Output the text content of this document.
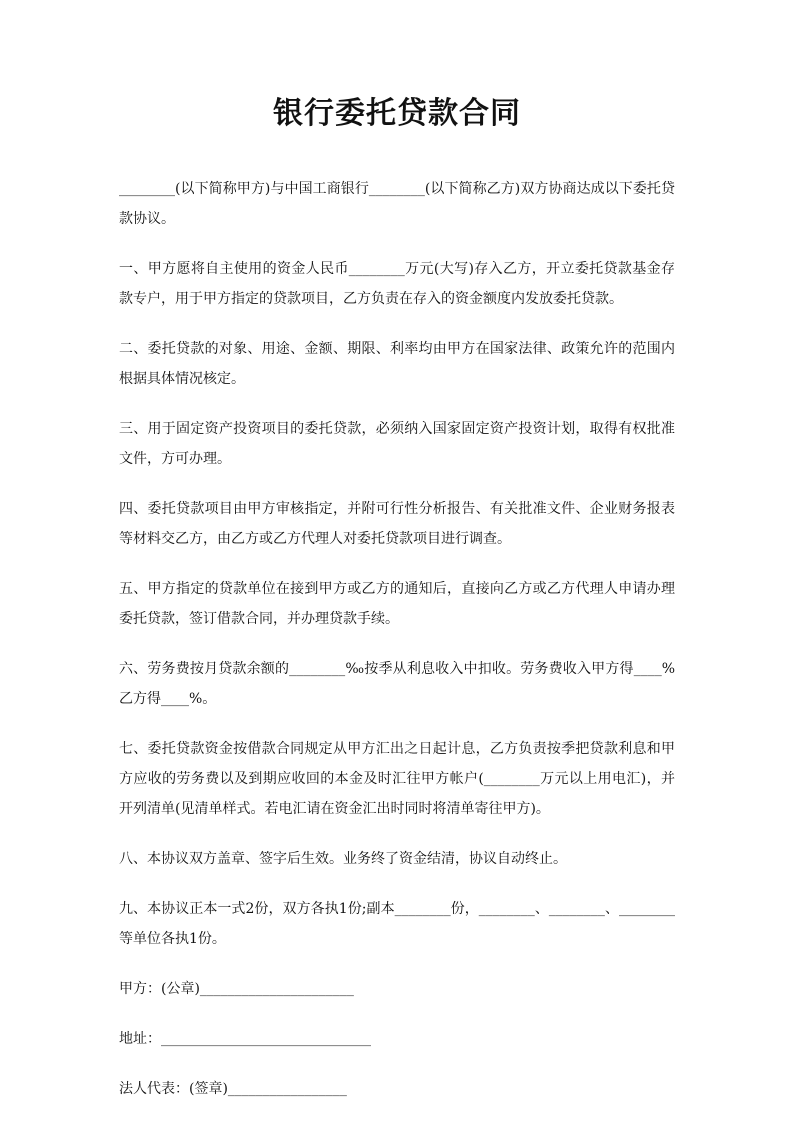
银行委托贷款合同

________(以下简称甲方)与中国工商银行________(以下简称乙方)双方协商达成以下委托贷款协议。

一、甲方愿将自主使用的资金人民币________万元(大写)存入乙方，开立委托贷款基金存款专户，用于甲方指定的贷款项目，乙方负责在存入的资金额度内发放委托贷款。

二、委托贷款的对象、用途、金额、期限、利率均由甲方在国家法律、政策允许的范围内根据具体情况核定。

三、用于固定资产投资项目的委托贷款，必须纳入国家固定资产投资计划，取得有权批准文件，方可办理。

四、委托贷款项目由甲方审核指定，并附可行性分析报告、有关批准文件、企业财务报表等材料交乙方，由乙方或乙方代理人对委托贷款项目进行调查。

五、甲方指定的贷款单位在接到甲方或乙方的通知后，直接向乙方或乙方代理人申请办理委托贷款，签订借款合同，并办理贷款手续。

六、劳务费按月贷款余额的________‰按季从利息收入中扣收。劳务费收入甲方得____%乙方得____%。

七、委托贷款资金按借款合同规定从甲方汇出之日起计息，乙方负责按季把贷款利息和甲方应收的劳务费以及到期应收回的本金及时汇往甲方帐户(________万元以上用电汇)，并开列清单(见清单样式。若电汇请在资金汇出时同时将清单寄往甲方)。

八、本协议双方盖章、签字后生效。业务终了资金结清，协议自动终止。

九、本协议正本一式2份，双方各执1份;副本________份，________、________、________等单位各执1份。

甲方：(公章)______________________

地址：______________________________

法人代表：(签章)_________________
